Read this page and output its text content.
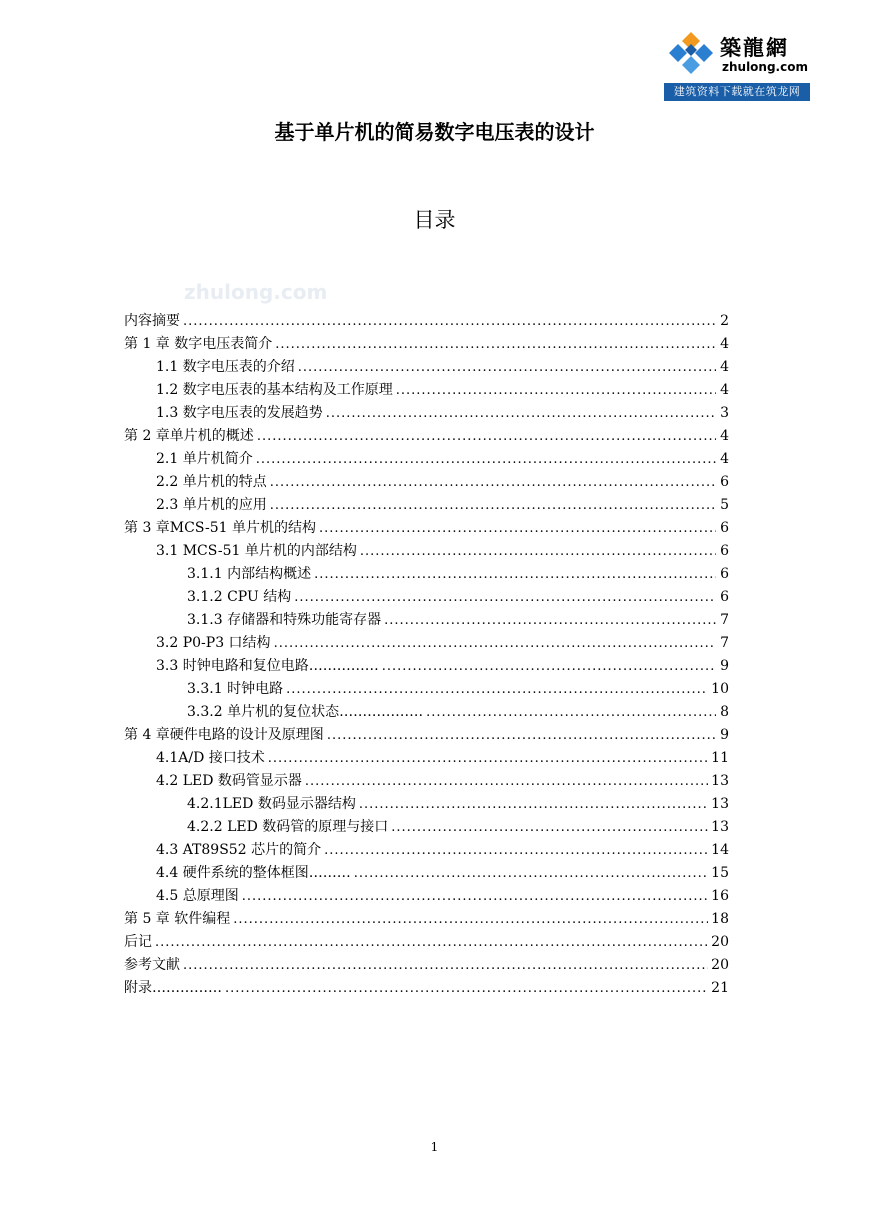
築龍網
zhulong.com
建筑资料下载就在筑龙网
基于单片机的简易数字电压表的设计
目录
zhulong.com
内容摘要 .....	2
第 1 章 数字电压表简介 .....	4
1.1 数字电压表的介绍 .....	4
1.2 数字电压表的基本结构及工作原理 .....	4
1.3 数字电压表的发展趋势 .....	3
第 2 章单片机的概述 .....	4
2.1 单片机简介 .....	4
2.2 单片机的特点 .....	6
2.3 单片机的应用 .....	5
第 3 章MCS-51 单片机的结构 .....	6
3.1 MCS-51 单片机的内部结构 .....	6
3.1.1 内部结构概述 .....	6
3.1.2 CPU 结构 .....	6
3.1.3 存储器和特殊功能寄存器 .....	7
3.2 P0-P3 口结构 .....	7
3.3 时钟电路和复位电路…………… .....	9
3.3.1 时钟电路 .....	10
3.3.2 单片机的复位状态……………… .....	8
第 4 章硬件电路的设计及原理图 .....	9
4.1A/D 接口技术 .....	11
4.2 LED 数码管显示器 .....	13
4.2.1LED 数码显示器结构 .....	13
4.2.2 LED 数码管的原理与接口 .....	13
4.3 AT89S52 芯片的简介 .....	14
4.4 硬件系统的整体框图……… .....	15
4.5 总原理图 .....	16
第 5 章 软件编程 .....	18
后记 .....	20
参考文献 .....	20
附录…………… .....	21
1
